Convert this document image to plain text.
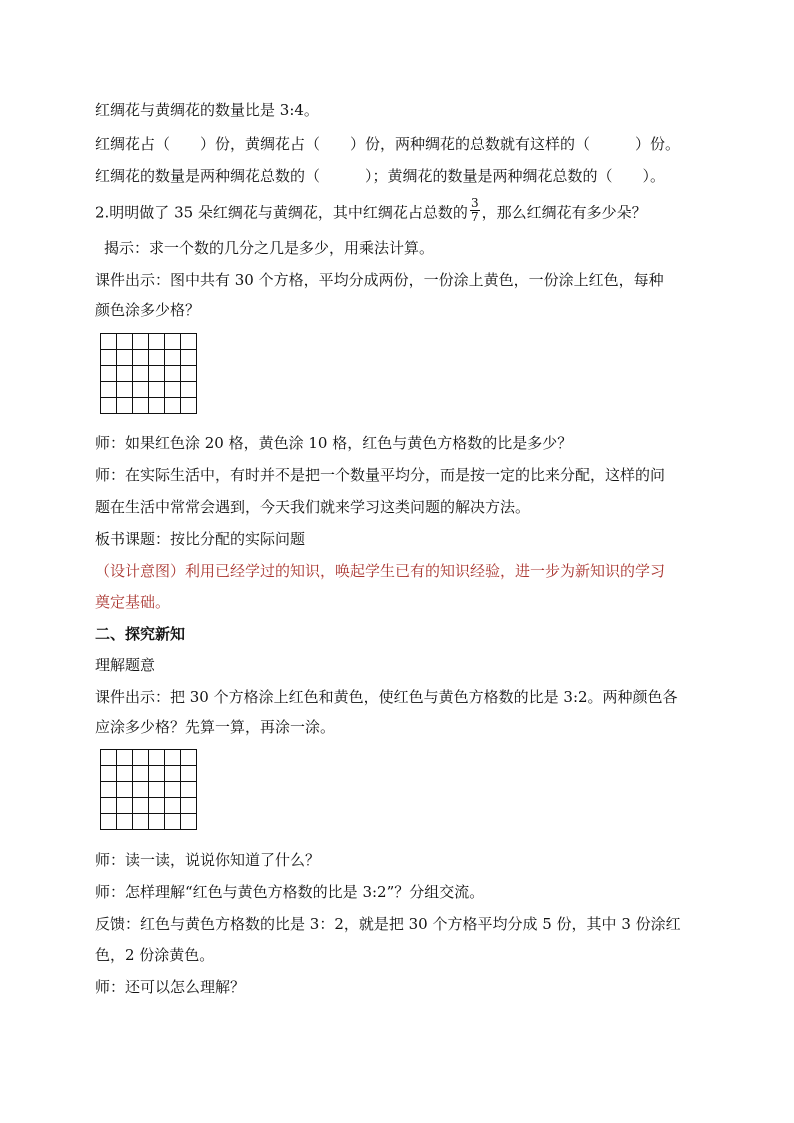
红绸花与黄绸花的数量比是 3:4。

红绸花占（　　）份，黄绸花占（　　）份，两种绸花的总数就有这样的（　　　）份。

红绸花的数量是两种绸花总数的（　　　）；黄绸花的数量是两种绸花总数的（　　）。

2.明明做了 35 朵红绸花与黄绸花，其中红绸花占总数的 $\frac{3}{7}$ ，那么红绸花有多少朵？

揭示：求一个数的几分之几是多少，用乘法计算。

课件出示：图中共有 30 个方格，平均分成两份，一份涂上黄色，一份涂上红色，每种

颜色涂多少格？

师：如果红色涂 20 格，黄色涂 10 格，红色与黄色方格数的比是多少？

师：在实际生活中，有时并不是把一个数量平均分，而是按一定的比来分配，这样的问

题在生活中常常会遇到，今天我们就来学习这类问题的解决方法。

板书课题：按比分配的实际问题

（设计意图）利用已经学过的知识，唤起学生已有的知识经验，进一步为新知识的学习

奠定基础。

二、探究新知

理解题意

课件出示：把 30 个方格涂上红色和黄色，使红色与黄色方格数的比是 3:2。两种颜色各

应涂多少格？先算一算，再涂一涂。

师：读一读，说说你知道了什么？

师：怎样理解“红色与黄色方格数的比是 3:2”？分组交流。

反馈：红色与黄色方格数的比是 3：2，就是把 30 个方格平均分成 5 份，其中 3 份涂红

色，2 份涂黄色。

师：还可以怎么理解？
